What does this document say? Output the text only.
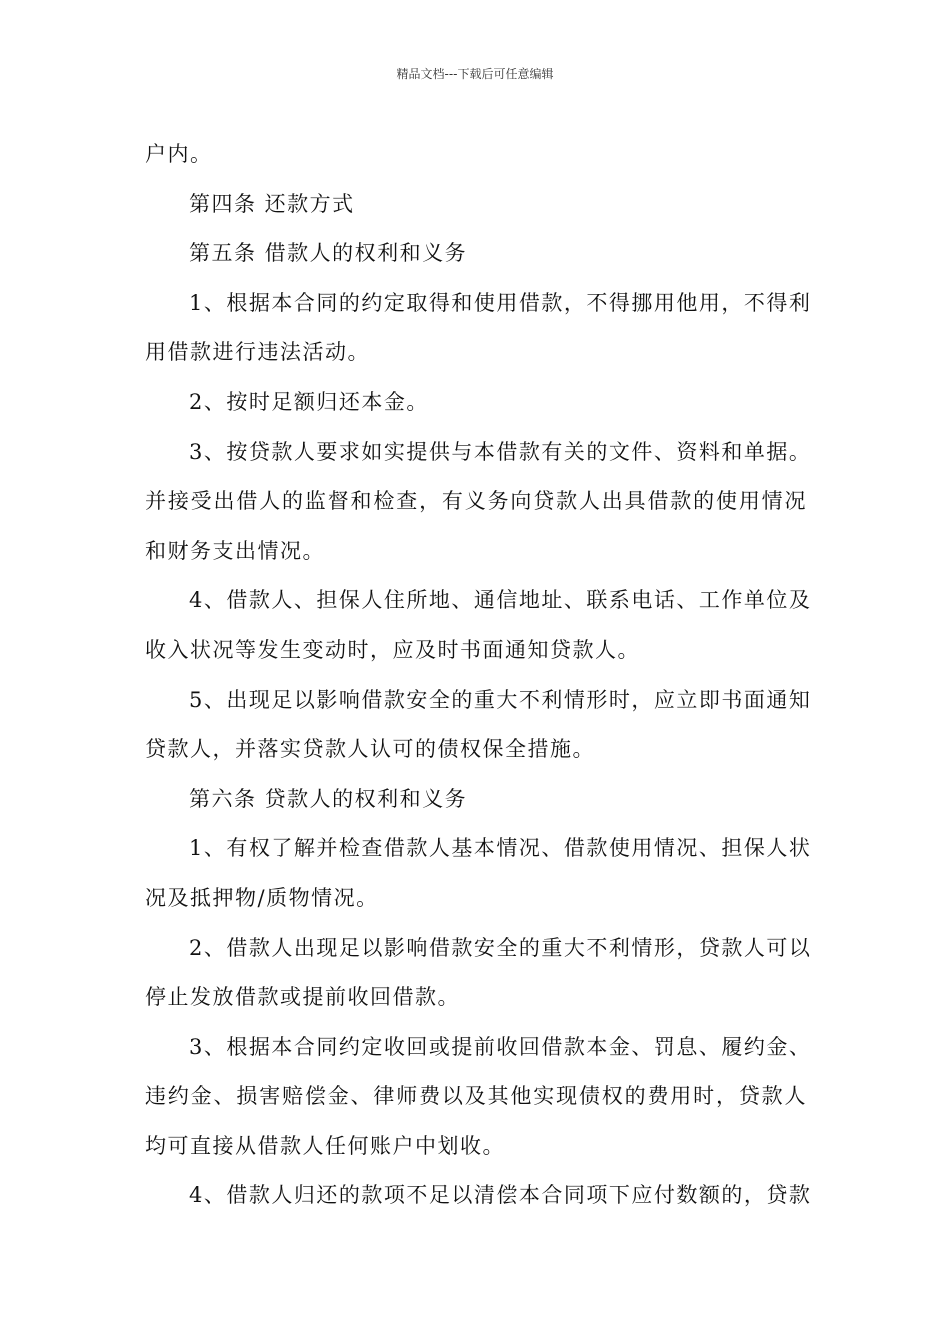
精品文档---下载后可任意编辑
户内。
第四条 还款方式
第五条 借款人的权利和义务
1、根据本合同的约定取得和使用借款，不得挪用他用，不得利
用借款进行违法活动。
2、按时足额归还本金。
3、按贷款人要求如实提供与本借款有关的文件、资料和单据。
并接受出借人的监督和检查，有义务向贷款人出具借款的使用情况
和财务支出情况。
4、借款人、担保人住所地、通信地址、联系电话、工作单位及
收入状况等发生变动时，应及时书面通知贷款人。
5、出现足以影响借款安全的重大不利情形时，应立即书面通知
贷款人，并落实贷款人认可的债权保全措施。
第六条 贷款人的权利和义务
1、有权了解并检查借款人基本情况、借款使用情况、担保人状
况及抵押物/质物情况。
2、借款人出现足以影响借款安全的重大不利情形，贷款人可以
停止发放借款或提前收回借款。
3、根据本合同约定收回或提前收回借款本金、罚息、履约金、
违约金、损害赔偿金、律师费以及其他实现债权的费用时，贷款人
均可直接从借款人任何账户中划收。
4、借款人归还的款项不足以清偿本合同项下应付数额的，贷款
